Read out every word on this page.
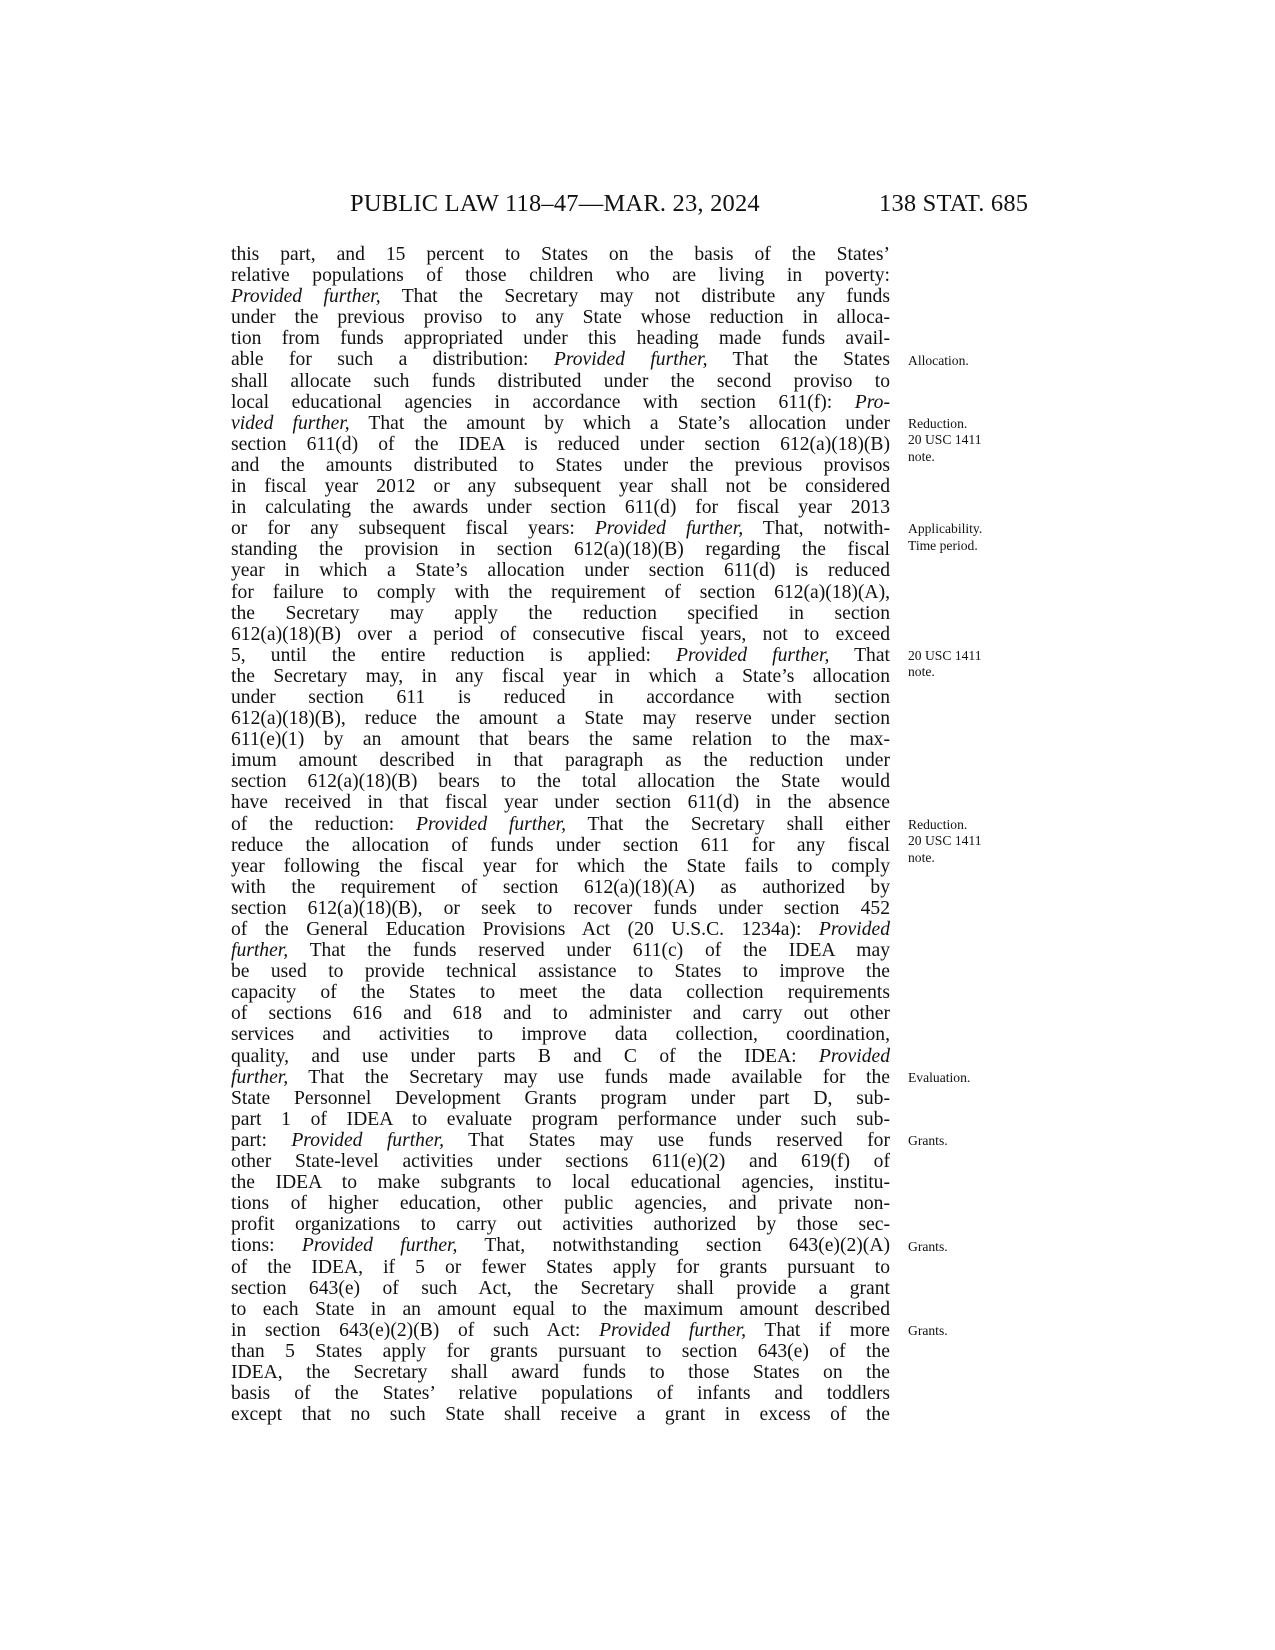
PUBLIC LAW 118–47—MAR. 23, 2024	138 STAT. 685
this part, and 15 percent to States on the basis of the States’
relative populations of those children who are living in poverty:
Provided further, That the Secretary may not distribute any funds
under the previous proviso to any State whose reduction in alloca-
tion from funds appropriated under this heading made funds avail-
able for such a distribution: Provided further, That the States
shall allocate such funds distributed under the second proviso to
local educational agencies in accordance with section 611(f): Pro-
vided further, That the amount by which a State’s allocation under
section 611(d) of the IDEA is reduced under section 612(a)(18)(B)
and the amounts distributed to States under the previous provisos
in fiscal year 2012 or any subsequent year shall not be considered
in calculating the awards under section 611(d) for fiscal year 2013
or for any subsequent fiscal years: Provided further, That, notwith-
standing the provision in section 612(a)(18)(B) regarding the fiscal
year in which a State’s allocation under section 611(d) is reduced
for failure to comply with the requirement of section 612(a)(18)(A),
the Secretary may apply the reduction specified in section
612(a)(18)(B) over a period of consecutive fiscal years, not to exceed
5, until the entire reduction is applied: Provided further, That
the Secretary may, in any fiscal year in which a State’s allocation
under section 611 is reduced in accordance with section
612(a)(18)(B), reduce the amount a State may reserve under section
611(e)(1) by an amount that bears the same relation to the max-
imum amount described in that paragraph as the reduction under
section 612(a)(18)(B) bears to the total allocation the State would
have received in that fiscal year under section 611(d) in the absence
of the reduction: Provided further, That the Secretary shall either
reduce the allocation of funds under section 611 for any fiscal
year following the fiscal year for which the State fails to comply
with the requirement of section 612(a)(18)(A) as authorized by
section 612(a)(18)(B), or seek to recover funds under section 452
of the General Education Provisions Act (20 U.S.C. 1234a): Provided
further, That the funds reserved under 611(c) of the IDEA may
be used to provide technical assistance to States to improve the
capacity of the States to meet the data collection requirements
of sections 616 and 618 and to administer and carry out other
services and activities to improve data collection, coordination,
quality, and use under parts B and C of the IDEA: Provided
further, That the Secretary may use funds made available for the
State Personnel Development Grants program under part D, sub-
part 1 of IDEA to evaluate program performance under such sub-
part: Provided further, That States may use funds reserved for
other State-level activities under sections 611(e)(2) and 619(f) of
the IDEA to make subgrants to local educational agencies, institu-
tions of higher education, other public agencies, and private non-
profit organizations to carry out activities authorized by those sec-
tions: Provided further, That, notwithstanding section 643(e)(2)(A)
of the IDEA, if 5 or fewer States apply for grants pursuant to
section 643(e) of such Act, the Secretary shall provide a grant
to each State in an amount equal to the maximum amount described
in section 643(e)(2)(B) of such Act: Provided further, That if more
than 5 States apply for grants pursuant to section 643(e) of the
IDEA, the Secretary shall award funds to those States on the
basis of the States’ relative populations of infants and toddlers
except that no such State shall receive a grant in excess of the
Allocation.
Reduction.
20 USC 1411
note.
Applicability.
Time period.
20 USC 1411
note.
Reduction.
20 USC 1411
note.
Evaluation.
Grants.
Grants.
Grants.
